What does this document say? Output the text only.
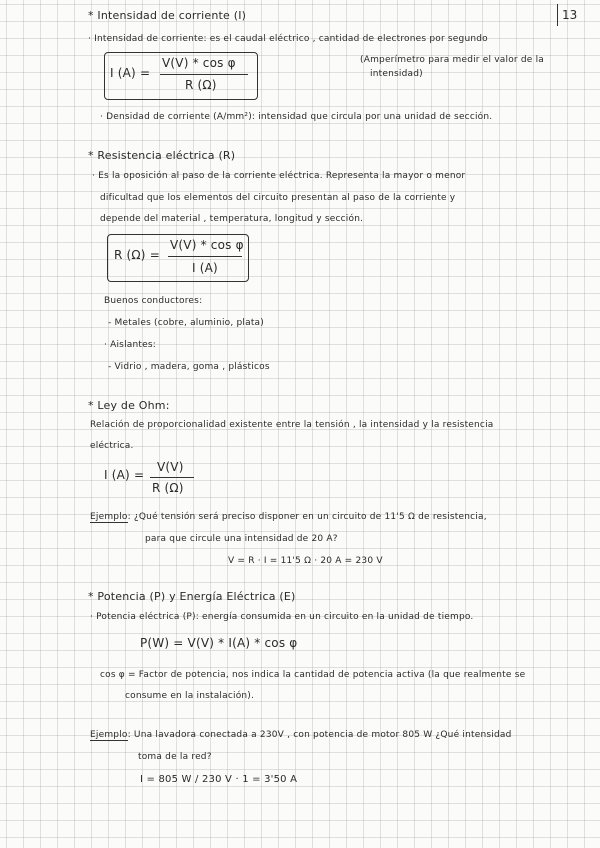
13
* Intensidad de corriente (I)
· Intensidad de corriente: es el caudal eléctrico , cantidad de electrones por segundo
I (A) =
V(V) * cos φ
R (Ω)
(Amperímetro para medir el valor de la
intensidad)
· Densidad de corriente (A/mm²): intensidad que circula por una unidad de sección.
* Resistencia eléctrica (R)
· Es la oposición al paso de la corriente eléctrica. Representa la mayor o menor
dificultad que los elementos del circuito presentan al paso de la corriente y
depende del material , temperatura, longitud y sección.
R (Ω) =
V(V) * cos φ
I (A)
Buenos conductores:
- Metales (cobre, aluminio, plata)
· Aislantes:
- Vidrio , madera, goma , plásticos
* Ley de Ohm:
Relación de proporcionalidad existente entre la tensión , la intensidad y la resistencia
eléctrica.
I (A) =
V(V)
R (Ω)
Ejemplo: ¿Qué tensión será preciso disponer en un circuito de 11'5 Ω de resistencia,
para que circule una intensidad de 20 A?
V = R · I = 11'5 Ω · 20 A = 230 V
* Potencia (P) y Energía Eléctrica (E)
· Potencia eléctrica (P): energía consumida en un circuito en la unidad de tiempo.
P(W) = V(V) * I(A) * cos φ
cos φ = Factor de potencia, nos indica la cantidad de potencia activa (la que realmente se
consume en la instalación).
Ejemplo: Una lavadora conectada a 230V , con potencia de motor 805 W ¿Qué intensidad
toma de la red?
I = 805 W / 230 V · 1 = 3'50 A
